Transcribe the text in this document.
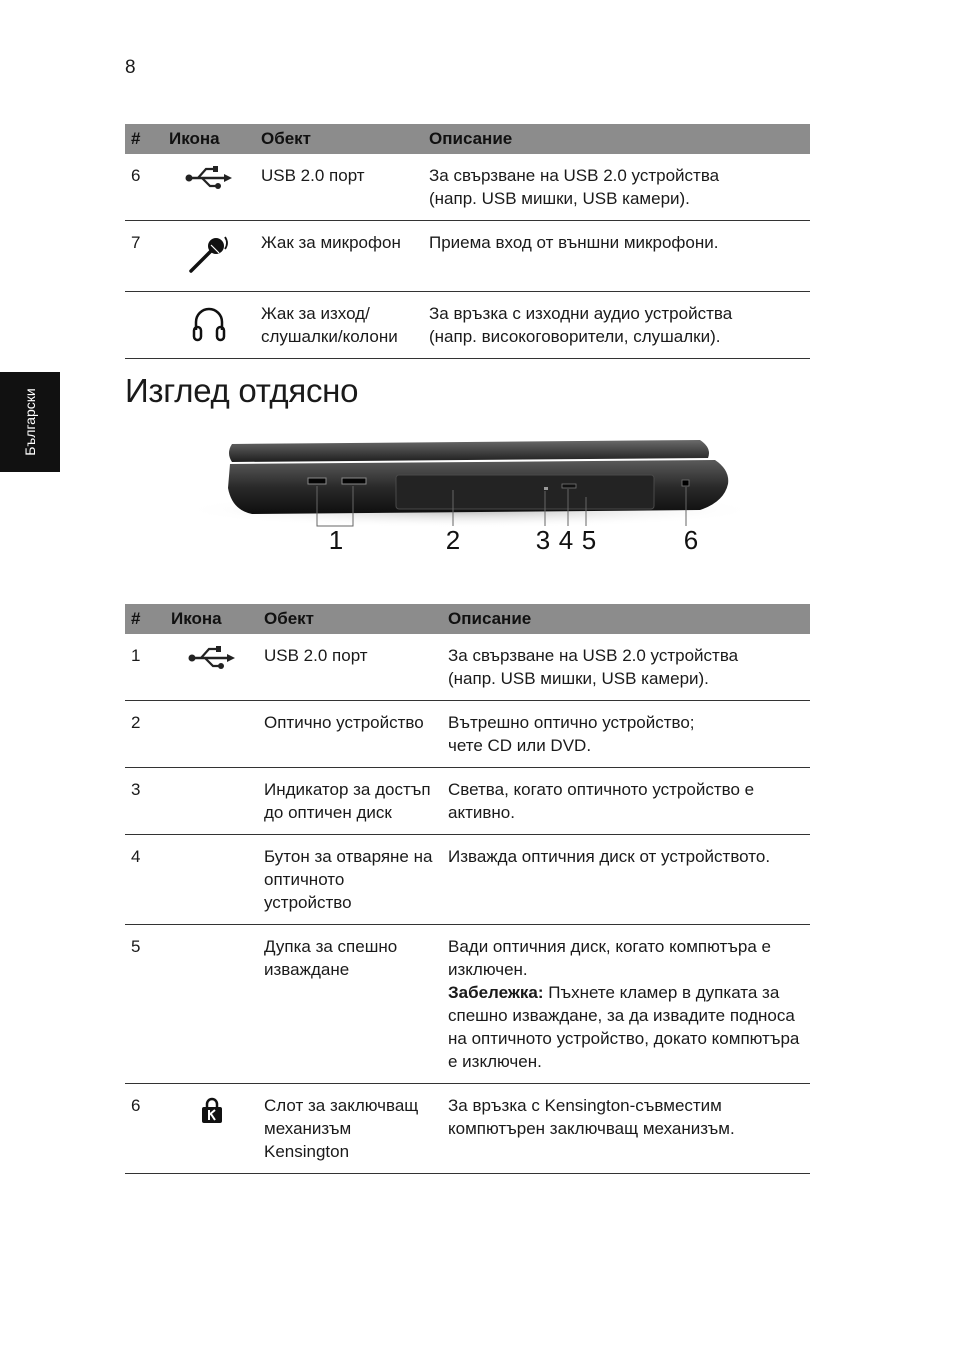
8
Български
#	Икона	Обект	Описание
6		USB 2.0 порт	За свързване на USB 2.0 устройства
(напр. USB мишки, USB камери).

7		Жак за микрофон	Приема вход от външни микрофони.

		Жак за изход/ слушалки/колони	За връзка с изходни аудио устройства
(напр. високоговорители, слушалки).
Изглед отдясно
1	2	3 4 5	6
#	Икона	Обект	Описание
1		USB 2.0 порт	За свързване на USB 2.0 устройства
(напр. USB мишки, USB камери).

2		Оптично устройство	Вътрешно оптично устройство;
чете CD или DVD.

3		Индикатор за достъп до оптичен диск	Светва, когато оптичното устройство е активно.

4		Бутон за отваряне на оптичното устройство	Изважда оптичния диск от устройството.

5		Дупка за спешно изваждане	Вади оптичния диск, когато компютъра е изключен.
Забележка: Пъхнете кламер в дупката за спешно изваждане, за да извадите подноса на оптичното устройство, докато компютъра е изключен.

6		Слот за заключващ механизъм Kensington	За връзка с Kensington-съвместим компютърен заключващ механизъм.
